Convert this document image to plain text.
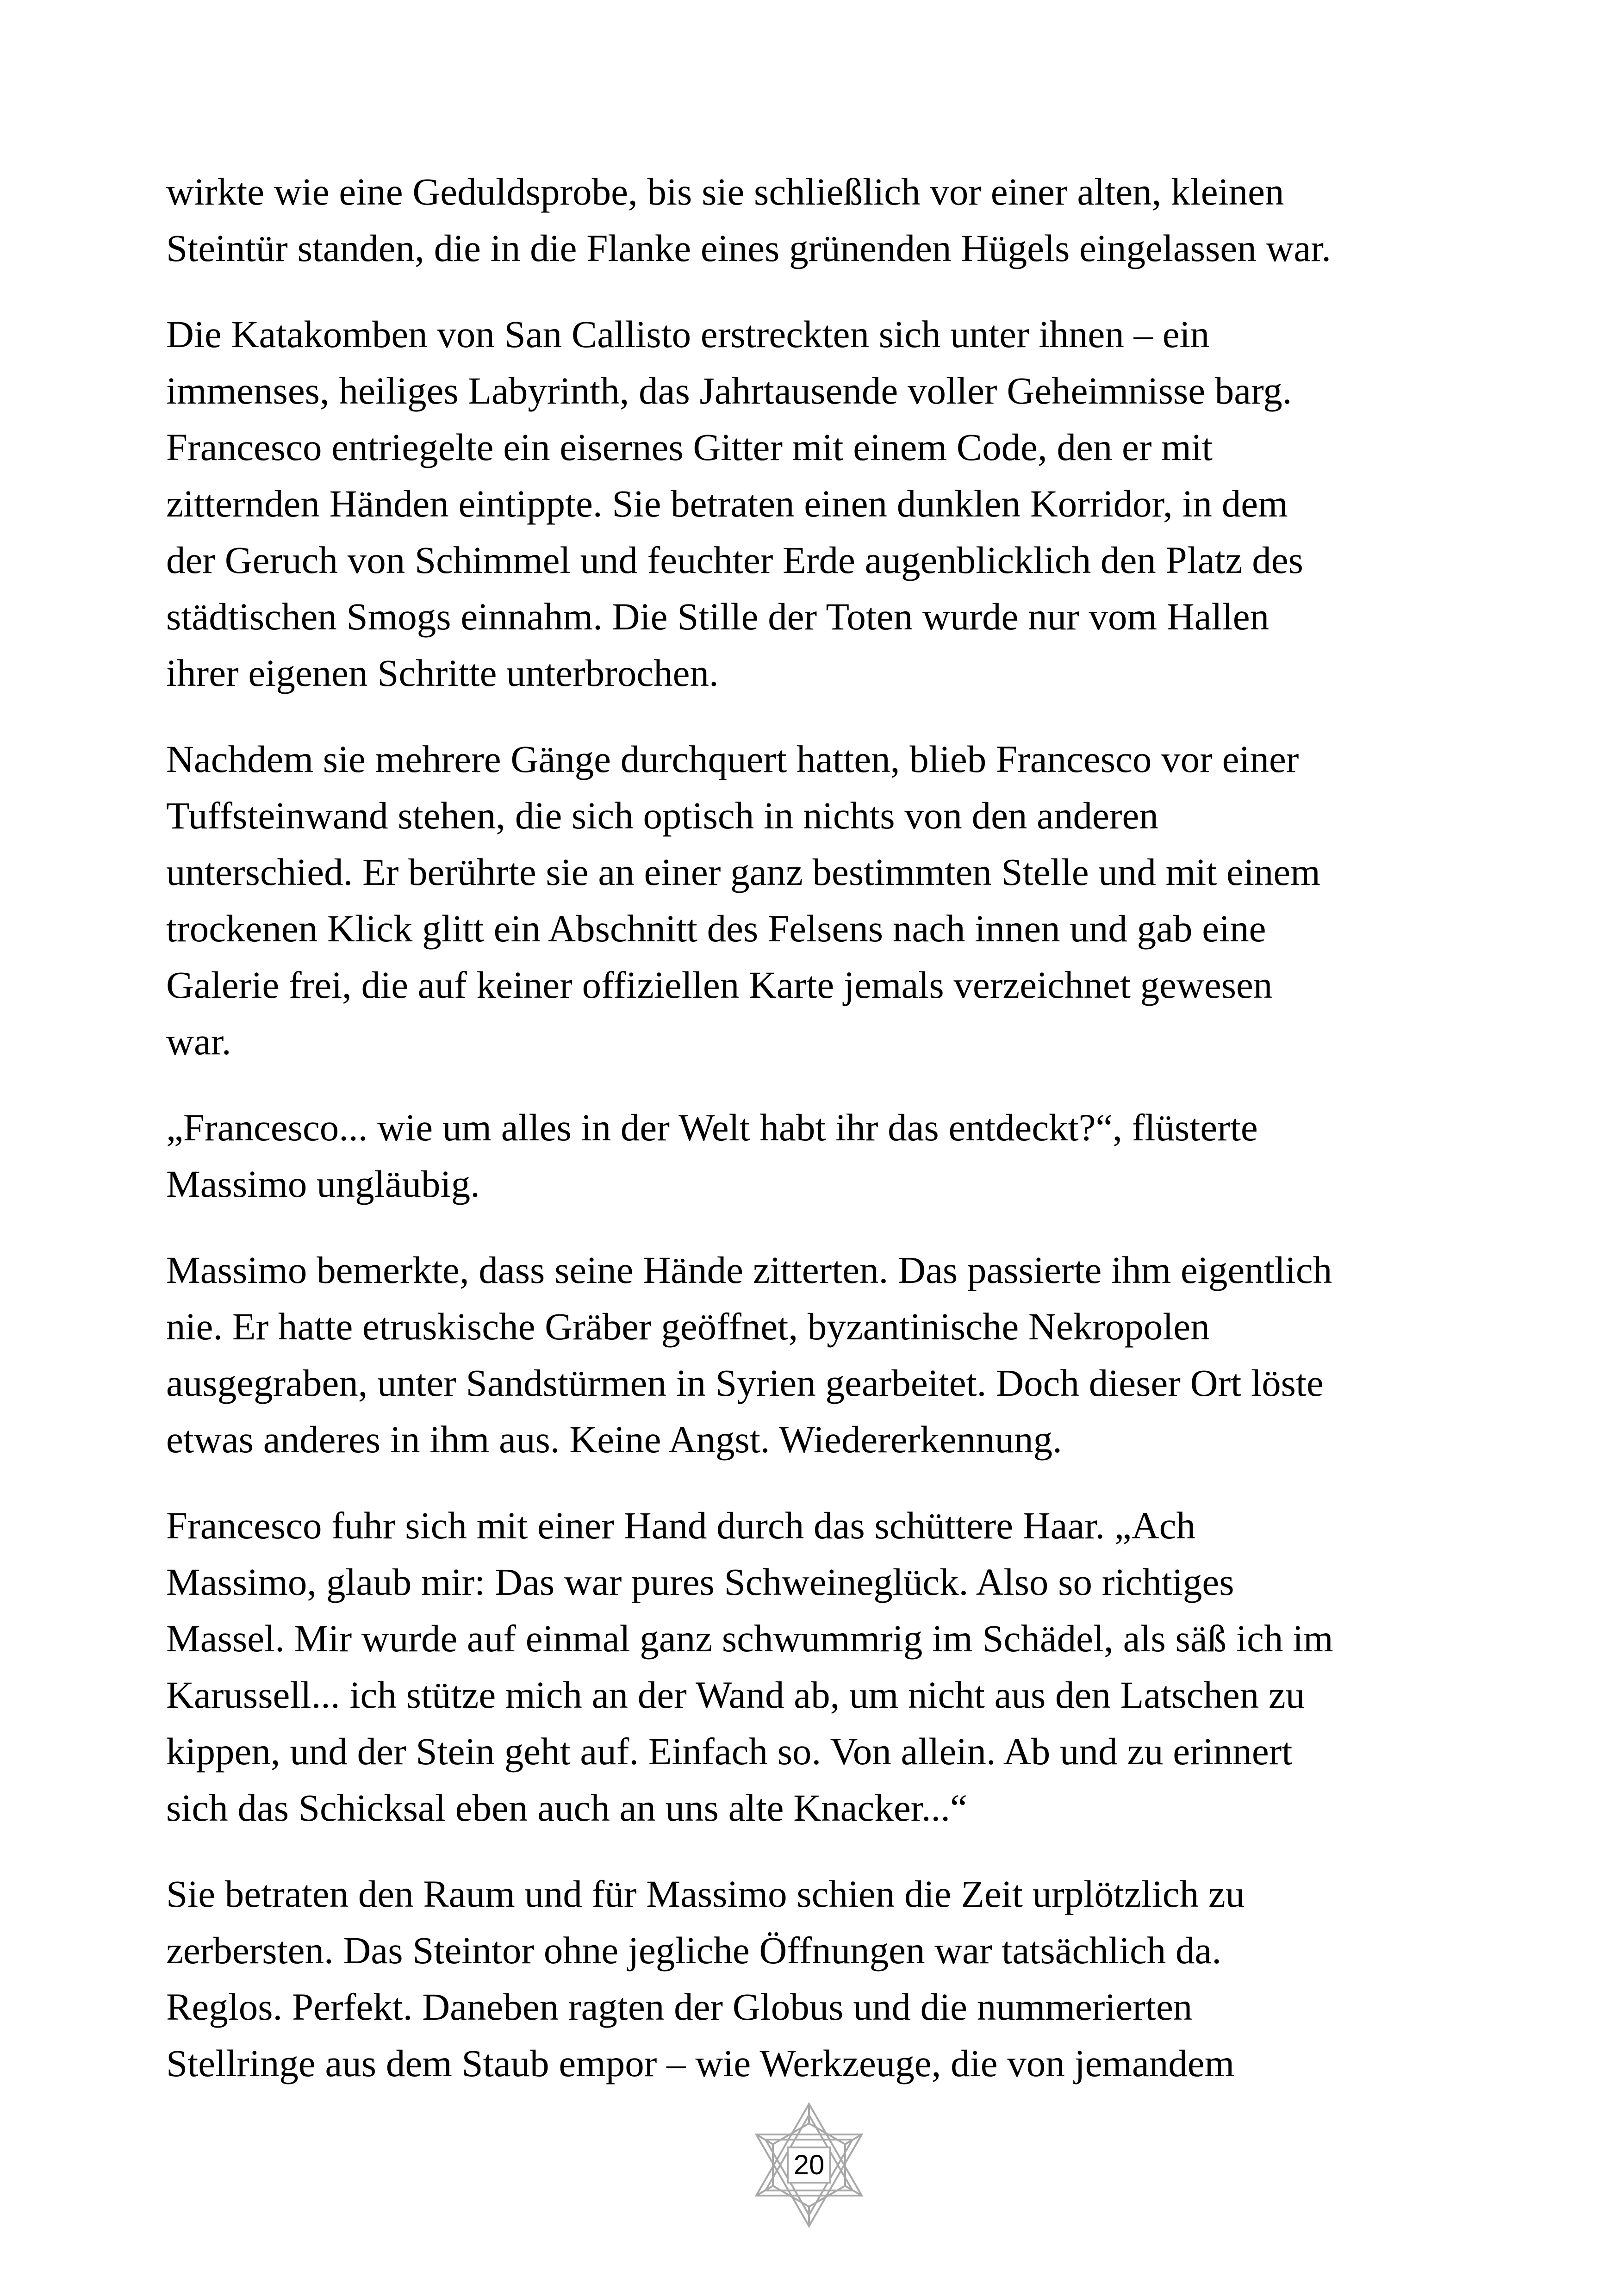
wirkte wie eine Geduldsprobe, bis sie schließlich vor einer alten, kleinen
Steintür standen, die in die Flanke eines grünenden Hügels eingelassen war.

Die Katakomben von San Callisto erstreckten sich unter ihnen – ein
immenses, heiliges Labyrinth, das Jahrtausende voller Geheimnisse barg.
Francesco entriegelte ein eisernes Gitter mit einem Code, den er mit
zitternden Händen eintippte. Sie betraten einen dunklen Korridor, in dem
der Geruch von Schimmel und feuchter Erde augenblicklich den Platz des
städtischen Smogs einnahm. Die Stille der Toten wurde nur vom Hallen
ihrer eigenen Schritte unterbrochen.

Nachdem sie mehrere Gänge durchquert hatten, blieb Francesco vor einer
Tuffsteinwand stehen, die sich optisch in nichts von den anderen
unterschied. Er berührte sie an einer ganz bestimmten Stelle und mit einem
trockenen Klick glitt ein Abschnitt des Felsens nach innen und gab eine
Galerie frei, die auf keiner offiziellen Karte jemals verzeichnet gewesen
war.

„Francesco... wie um alles in der Welt habt ihr das entdeckt?“, flüsterte
Massimo ungläubig.

Massimo bemerkte, dass seine Hände zitterten. Das passierte ihm eigentlich
nie. Er hatte etruskische Gräber geöffnet, byzantinische Nekropolen
ausgegraben, unter Sandstürmen in Syrien gearbeitet. Doch dieser Ort löste
etwas anderes in ihm aus. Keine Angst. Wiedererkennung.

Francesco fuhr sich mit einer Hand durch das schüttere Haar. „Ach
Massimo, glaub mir: Das war pures Schweineglück. Also so richtiges
Massel. Mir wurde auf einmal ganz schwummrig im Schädel, als säß ich im
Karussell... ich stütze mich an der Wand ab, um nicht aus den Latschen zu
kippen, und der Stein geht auf. Einfach so. Von allein. Ab und zu erinnert
sich das Schicksal eben auch an uns alte Knacker...“

Sie betraten den Raum und für Massimo schien die Zeit urplötzlich zu
zerbersten. Das Steintor ohne jegliche Öffnungen war tatsächlich da.
Reglos. Perfekt. Daneben ragten der Globus und die nummerierten
Stellringe aus dem Staub empor – wie Werkzeuge, die von jemandem

20
